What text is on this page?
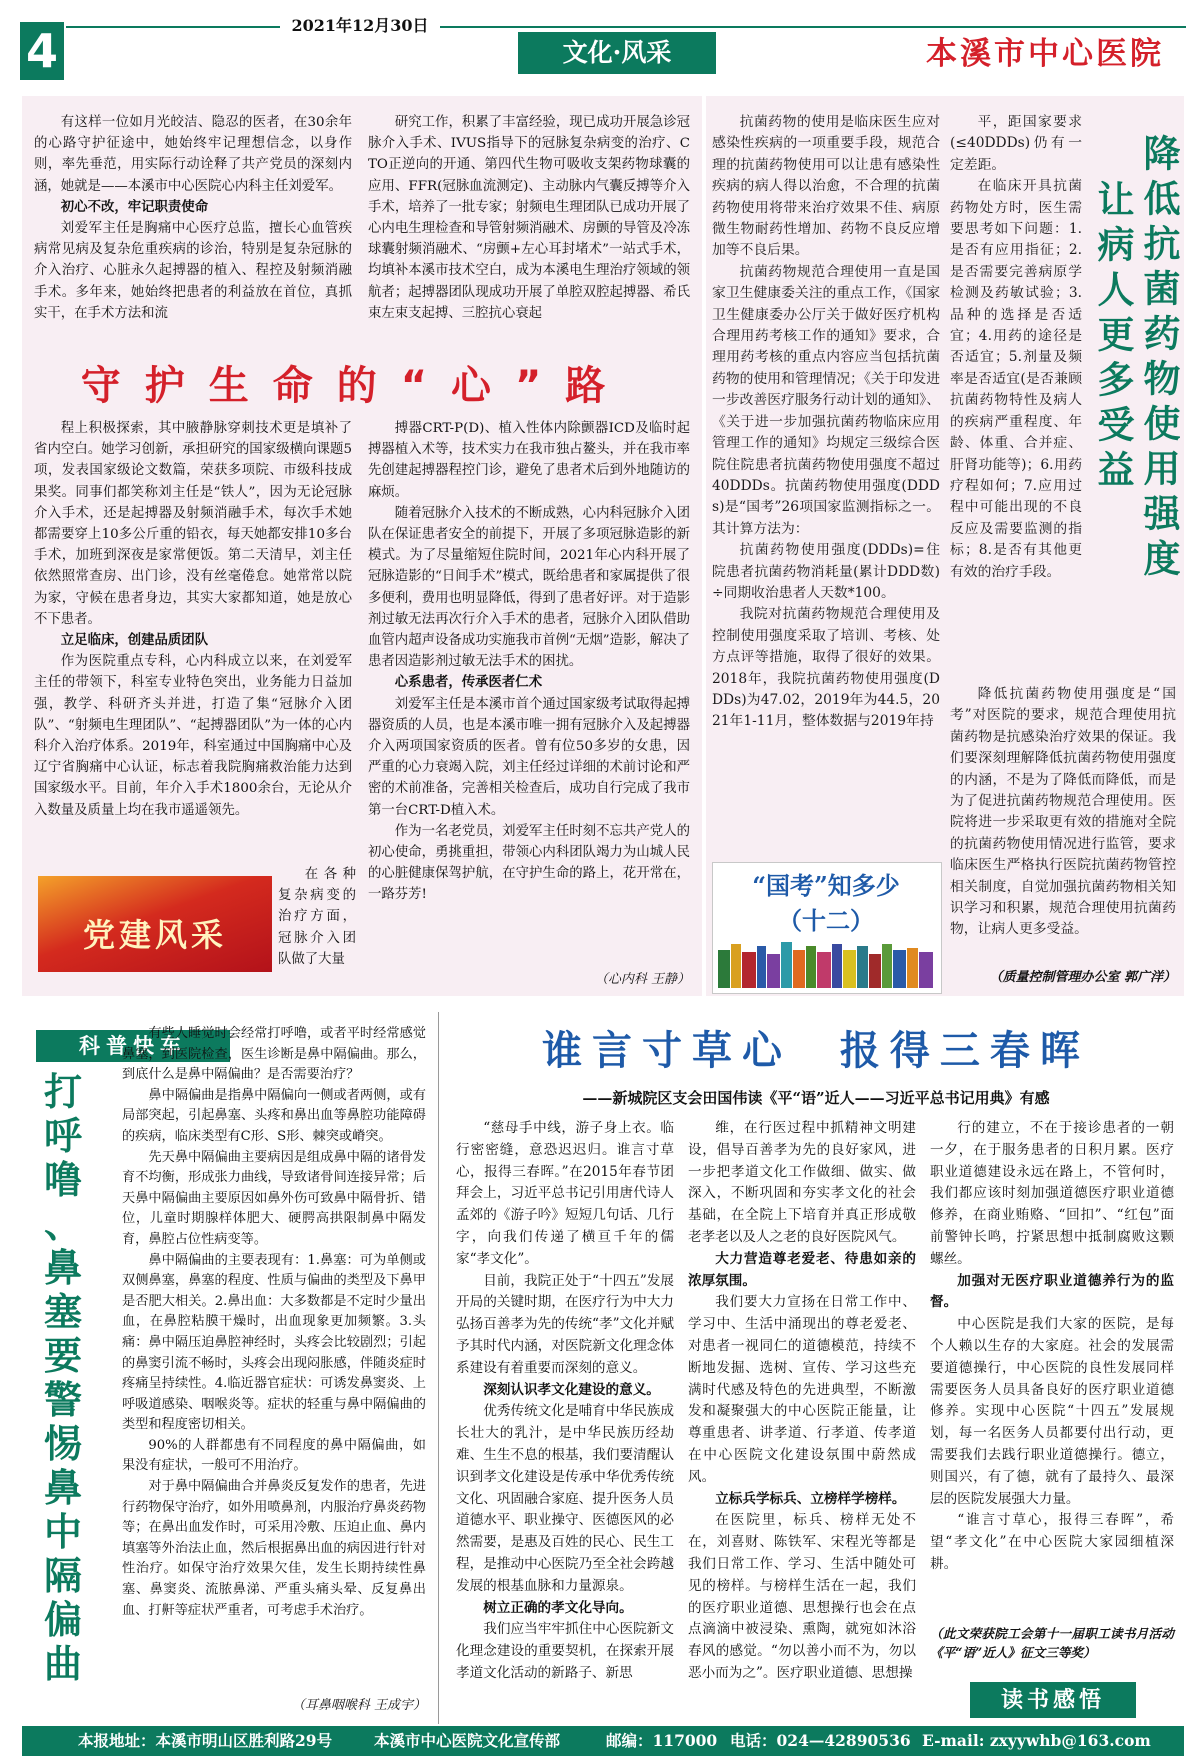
4	2021年12月30日
文化·风采	本溪市中心医院

有这样一位如月光皎洁、隐忍的医者，在30余年的心路守护征途中，她始终牢记理想信念，以身作则，率先垂范，用实际行动诠释了共产党员的深刻内涵，她就是——本溪市中心医院心内科主任刘爱军。

初心不改，牢记职责使命

刘爱军主任是胸痛中心医疗总监，擅长心血管疾病常见病及复杂危重疾病的诊治，特别是复杂冠脉的介入治疗、心脏永久起搏器的植入、程控及射频消融手术。多年来，她始终把患者的利益放在首位，真抓实干，在手术方法和流

研究工作，积累了丰富经验，现已成功开展急诊冠脉介入手术、IVUS指导下的冠脉复杂病变的治疗、CTO正逆向的开通、第四代生物可吸收支架药物球囊的应用、FFR(冠脉血流测定)、主动脉内气囊反搏等介入手术，培养了一批专家；射频电生理团队已成功开展了心内电生理检查和导管射频消融术、房颤的导管及冷冻球囊射频消融术、“房颤+左心耳封堵术”一站式手术，均填补本溪市技术空白，成为本溪电生理治疗领域的领航者；起搏器团队现成功开展了单腔双腔起搏器、希氏束左束支起搏、三腔抗心衰起

守护生命的“心”路

程上积极探索，其中腋静脉穿刺技术更是填补了省内空白。她学习创新，承担研究的国家级横向课题5项，发表国家级论文数篇，荣获多项院、市级科技成果奖。同事们都笑称刘主任是“铁人”，因为无论冠脉介入手术，还是起搏器及射频消融手术，每次手术她都需要穿上10多公斤重的铅衣，每天她都安排10多台手术，加班到深夜是家常便饭。第二天清早，刘主任依然照常查房、出门诊，没有丝毫倦怠。她常常以院为家，守候在患者身边，其实大家都知道，她是放心不下患者。

立足临床，创建品质团队

作为医院重点专科，心内科成立以来，在刘爱军主任的带领下，科室专业特色突出，业务能力日益加强，教学、科研齐头并进，打造了集“冠脉介入团队”、“射频电生理团队”、“起搏器团队”为一体的心内科介入治疗体系。2019年，科室通过中国胸痛中心及辽宁省胸痛中心认证，标志着我院胸痛救治能力达到国家级水平。目前，年介入手术1800余台，无论从介入数量及质量上均在我市遥遥领先。

党建风采

在各种复杂病变的治疗方面，冠脉介入团队做了大量

搏器CRT-P(D)、植入性体内除颤器ICD及临时起搏器植入术等，技术实力在我市独占鳌头，并在我市率先创建起搏器程控门诊，避免了患者术后到外地随访的麻烦。

随着冠脉介入技术的不断成熟，心内科冠脉介入团队在保证患者安全的前提下，开展了多项冠脉造影的新模式。为了尽量缩短住院时间，2021年心内科开展了冠脉造影的“日间手术”模式，既给患者和家属提供了很多便利，费用也明显降低，得到了患者好评。对于造影剂过敏无法再次行介入手术的患者，冠脉介入团队借助血管内超声设备成功实施我市首例“无烟”造影，解决了患者因造影剂过敏无法手术的困扰。

心系患者，传承医者仁术

刘爱军主任是本溪市首个通过国家级考试取得起搏器资质的人员，也是本溪市唯一拥有冠脉介入及起搏器介入两项国家资质的医者。曾有位50多岁的女患，因严重的心力衰竭入院，刘主任经过详细的术前讨论和严密的术前准备，完善相关检查后，成功自行完成了我市第一台CRT-D植入术。

作为一名老党员，刘爱军主任时刻不忘共产党人的初心使命，勇挑重担，带领心内科团队竭力为山城人民的心脏健康保驾护航，在守护生命的路上，花开常在，一路芬芳!

（心内科 王静）

抗菌药物的使用是临床医生应对感染性疾病的一项重要手段，规范合理的抗菌药物使用可以让患有感染性疾病的病人得以治愈，不合理的抗菌药物使用将带来治疗效果不佳、病原微生物耐药性增加、药物不良反应增加等不良后果。

抗菌药物规范合理使用一直是国家卫生健康委关注的重点工作，《国家卫生健康委办公厅关于做好医疗机构合理用药考核工作的通知》要求，合理用药考核的重点内容应当包括抗菌药物的使用和管理情况；《关于印发进一步改善医疗服务行动计划的通知》、《关于进一步加强抗菌药物临床应用管理工作的通知》均规定三级综合医院住院患者抗菌药物使用强度不超过40DDDs。抗菌药物使用强度(DDDs)是“国考”26项国家监测指标之一。其计算方法为：

抗菌药物使用强度(DDDs)=住院患者抗菌药物消耗量(累计DDD数)÷同期收治患者人天数*100。

我院对抗菌药物规范合理使用及控制使用强度采取了培训、考核、处方点评等措施，取得了很好的效果。2018年，我院抗菌药物使用强度(DDDs)为47.02，2019年为44.5，2021年1-11月，整体数据与2019年持

“国考”知多少
（十二）

平，距国家要求(≤40DDDs)仍有一定差距。

在临床开具抗菌药物处方时，医生需要思考如下问题：1.是否有应用指征；2.是否需要完善病原学检测及药敏试验；3.品种的选择是否适宜；4.用药的途径是否适宜；5.剂量及频率是否适宜(是否兼顾抗菌药物特性及病人的疾病严重程度、年龄、体重、合并症、肝肾功能等)；6.用药疗程如何；7.应用过程中可能出现的不良反应及需要监测的指标；8.是否有其他更有效的治疗手段。	降低抗菌药物使用强度
让病人更多受益

降低抗菌药物使用强度是“国考”对医院的要求，规范合理使用抗菌药物是抗感染治疗效果的保证。我们要深刻理解降低抗菌药物使用强度的内涵，不是为了降低而降低，而是为了促进抗菌药物规范合理使用。医院将进一步采取更有效的措施对全院的抗菌药物使用情况进行监管，要求临床医生严格执行医院抗菌药物管控相关制度，自觉加强抗菌药物相关知识学习和积累，规范合理使用抗菌药物，让病人更多受益。

（质量控制管理办公室 郭广洋）
科普快车
打
呼
噜
、
鼻
塞
要
警
惕
鼻
中
隔
偏
曲

有些人睡觉时会经常打呼噜，或者平时经常感觉鼻塞，到医院检查，医生诊断是鼻中隔偏曲。那么，到底什么是鼻中隔偏曲？是否需要治疗？

鼻中隔偏曲是指鼻中隔偏向一侧或者两侧，或有局部突起，引起鼻塞、头疼和鼻出血等鼻腔功能障碍的疾病，临床类型有C形、S形、棘突或嵴突。

先天鼻中隔偏曲主要病因是组成鼻中隔的诸骨发育不均衡，形成张力曲线，导致诸骨间连接异常；后天鼻中隔偏曲主要原因如鼻外伤可致鼻中隔骨折、错位，儿童时期腺样体肥大、硬腭高拱限制鼻中隔发育，鼻腔占位性病变等。

鼻中隔偏曲的主要表现有：1.鼻塞：可为单侧或双侧鼻塞，鼻塞的程度、性质与偏曲的类型及下鼻甲是否肥大相关。2.鼻出血：大多数都是不定时少量出血，在鼻腔粘膜干燥时，出血现象更加频繁。3.头痛：鼻中隔压迫鼻腔神经时，头疼会比较剧烈；引起的鼻窦引流不畅时，头疼会出现闷胀感，伴随炎症时疼痛呈持续性。4.临近器官症状：可诱发鼻窦炎、上呼吸道感染、咽喉炎等。症状的轻重与鼻中隔偏曲的类型和程度密切相关。

90%的人群都患有不同程度的鼻中隔偏曲，如果没有症状，一般可不用治疗。

对于鼻中隔偏曲合并鼻炎反复发作的患者，先进行药物保守治疗，如外用喷鼻剂，内服治疗鼻炎药物等；在鼻出血发作时，可采用冷敷、压迫止血、鼻内填塞等外治法止血，然后根据鼻出血的病因进行针对性治疗。如保守治疗效果欠佳，发生长期持续性鼻塞、鼻窦炎、流脓鼻涕、严重头痛头晕、反复鼻出血、打鼾等症状严重者，可考虑手术治疗。

（耳鼻咽喉科 王成宇）
谁言寸草心  报得三春晖
——新城院区支会田国伟读《平“语”近人——习近平总书记用典》有感

“慈母手中线，游子身上衣。临行密密缝，意恐迟迟归。谁言寸草心，报得三春晖。”在2015年春节团拜会上，习近平总书记引用唐代诗人孟郊的《游子吟》短短几句话、几行字，向我们传递了横亘千年的儒家“孝文化”。

目前，我院正处于“十四五”发展开局的关键时期，在医疗行为中大力弘扬百善孝为先的传统“孝”文化并赋予其时代内涵，对医院新文化理念体系建设有着重要而深刻的意义。

深刻认识孝文化建设的意义。

优秀传统文化是哺育中华民族成长壮大的乳汁，是中华民族历经劫难、生生不息的根基，我们要清醒认识到孝文化建设是传承中华优秀传统文化、巩固融合家庭、提升医务人员道德水平、职业操守、医德医风的必然需要，是惠及百姓的民心、民生工程，是推动中心医院乃至全社会跨越发展的根基血脉和力量源泉。

树立正确的孝文化导向。

我们应当牢牢抓住中心医院新文化理念建设的重要契机，在探索开展孝道文化活动的新路子、新思

维，在行医过程中抓精神文明建设，倡导百善孝为先的良好家风，进一步把孝道文化工作做细、做实、做深入，不断巩固和夯实孝文化的社会基础，在全院上下培育并真正形成敬老孝老以及人之老的良好医院风气。

大力营造尊老爱老、待患如亲的浓厚氛围。

我们要大力宣扬在日常工作中、学习中、生活中涌现出的尊老爱老、对患者一视同仁的道德模范，持续不断地发掘、选树、宣传、学习这些充满时代感及特色的先进典型，不断激发和凝聚强大的中心医院正能量，让尊重患者、讲孝道、行孝道、传孝道在中心医院文化建设氛围中蔚然成风。

立标兵学标兵、立榜样学榜样。

在医院里，标兵、榜样无处不在，刘喜财、陈铁军、宋程光等都是我们日常工作、学习、生活中随处可见的榜样。与榜样生活在一起，我们的医疗职业道德、思想操行也会在点点滴滴中被浸染、熏陶，就宛如沐浴春风的感觉。“勿以善小而不为，勿以恶小而为之”。医疗职业道德、思想操

行的建立，不在于接诊患者的一朝一夕，在于服务患者的日积月累。医疗职业道德建设永远在路上，不管何时，我们都应该时刻加强道德医疗职业道德修养，在商业贿赂、“回扣”、“红包”面前警钟长鸣，拧紧思想中抵制腐败这颗螺丝。

加强对无医疗职业道德养行为的监督。

中心医院是我们大家的医院，是每个人赖以生存的大家庭。社会的发展需要道德操行，中心医院的良性发展同样需要医务人员具备良好的医疗职业道德修养。实现中心医院“十四五”发展规划，每一名医务人员都要付出行动，更需要我们去践行职业道德操行。德立，则国兴，有了德，就有了最持久、最深层的医院发展强大力量。

“谁言寸草心，报得三春晖”，希望“孝文化”在中心医院大家园细植深耕。

（此文荣获院工会第十一届职工读书月活动《平“语”近人》征文三等奖）
读书感悟
本报地址：本溪市明山区胜利路29号	本溪市中心医院文化宣传部	邮编：117000 电话：024—42890536 E-mail: zxyywhb@163.com
